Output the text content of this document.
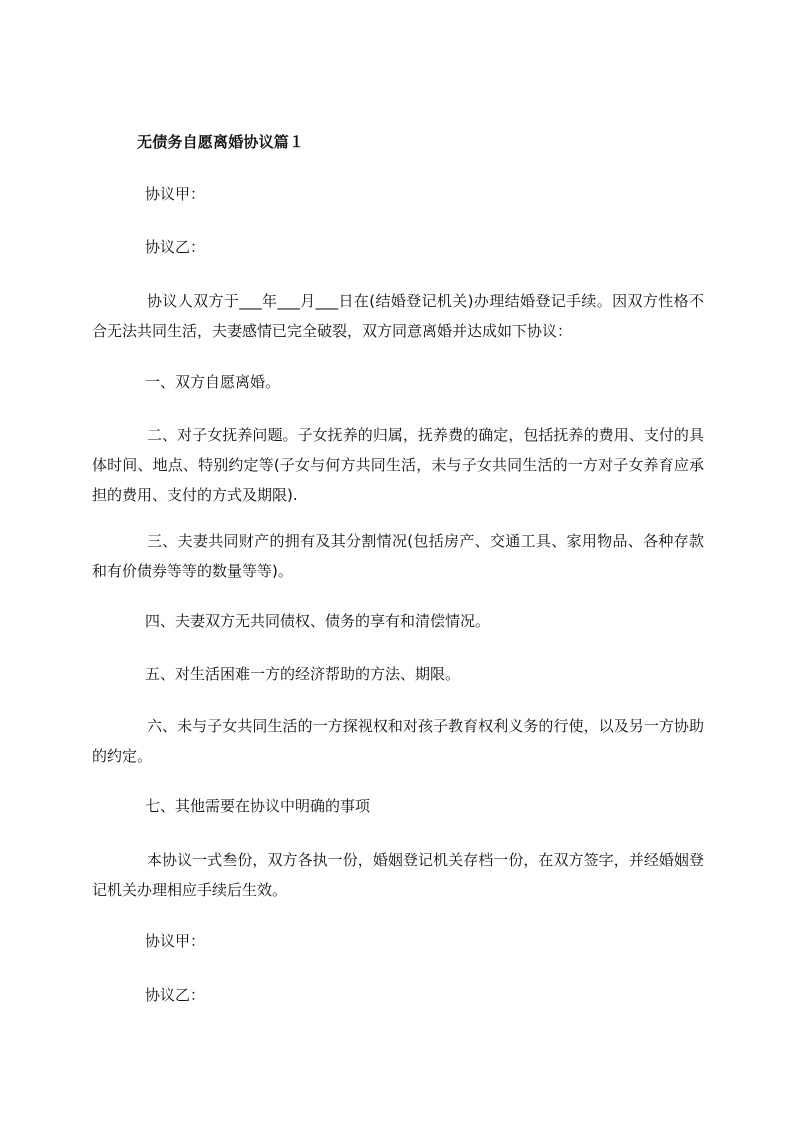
无债务自愿离婚协议篇１
协议甲：
协议乙：
协议人双方于___年___月___日在(结婚登记机关)办理结婚登记手续。因双方性格不合无法共同生活，夫妻感情已完全破裂，双方同意离婚并达成如下协议：
一、双方自愿离婚。
二、对子女抚养问题。子女抚养的归属，抚养费的确定，包括抚养的费用、支付的具体时间、地点、特别约定等(子女与何方共同生活，未与子女共同生活的一方对子女养育应承担的费用、支付的方式及期限).
三、夫妻共同财产的拥有及其分割情况(包括房产、交通工具、家用物品、各种存款和有价债券等等的数量等等)。
四、夫妻双方无共同债权、债务的享有和清偿情况。
五、对生活困难一方的经济帮助的方法、期限。
六、未与子女共同生活的一方探视权和对孩子教育权利义务的行使，以及另一方协助的约定。
七、其他需要在协议中明确的事项
本协议一式叁份，双方各执一份，婚姻登记机关存档一份，在双方签字，并经婚姻登记机关办理相应手续后生效。
协议甲：
协议乙：
